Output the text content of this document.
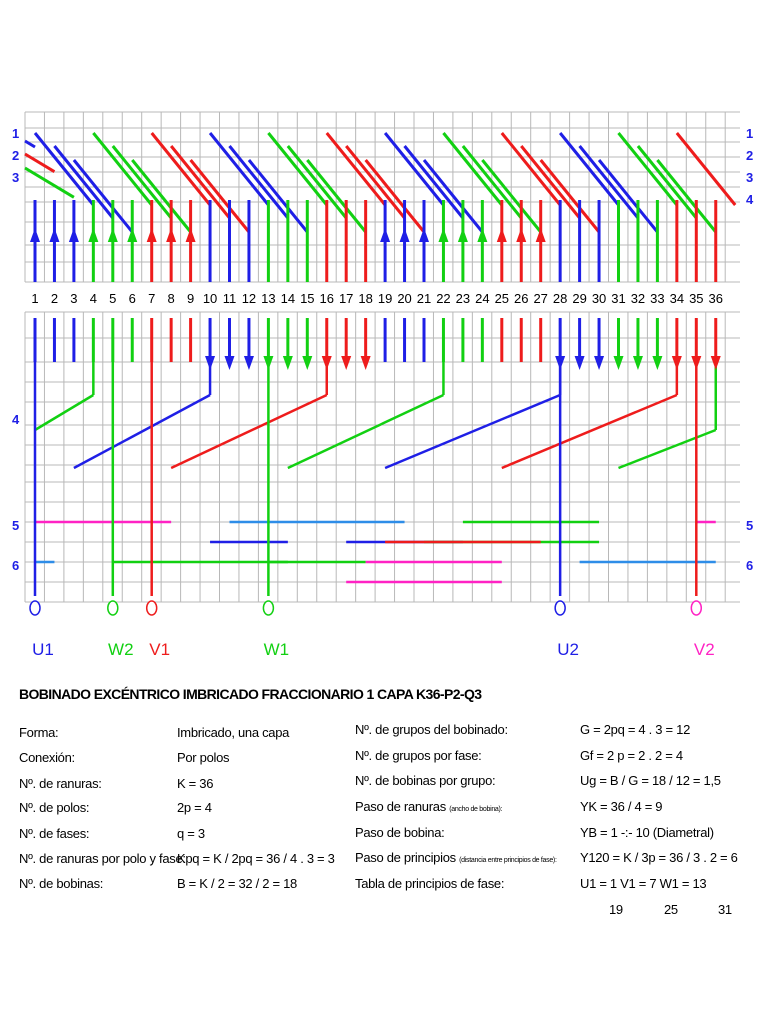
1 2 3 4 5 6 7 8 9 10 11 12 13 14 15 16 17 18 19 20 21 22 23 24 25 26 27 28 29 30 31 32 33 34 35 36
1
2
3
4
5
6
1
2
3
4
5
6
U1	W2 V1	W1	U2	V2
BOBINADO EXCÉNTRICO IMBRICADO FRACCIONARIO 1 CAPA K36-P2-Q3
Forma:	Imbricado, una capa
Conexión:	Por polos
Nº. de ranuras:	K = 36
Nº. de polos:	2p = 4
Nº. de fases:	q = 3
Nº. de ranuras por polo y fase:
Kpq = K / 2pq = 36 / 4 . 3 = 3
Nº. de bobinas:	B = K / 2 = 32 / 2 = 18
Nº. de grupos del bobinado:	G = 2pq = 4 . 3 = 12
Nº. de grupos por fase:	Gf = 2 p = 2 . 2 = 4
Nº. de bobinas por grupo:	Ug = B / G = 18 / 12 = 1,5
Paso de ranuras (ancho de bobina):	YK = 36 / 4 = 9
Paso de bobina:	YB = 1 -:- 10 (Diametral)
Paso de principios (distancia entre principios de fase): Y120 = K / 3p = 36 / 3 . 2 = 6
Tabla de principios de fase:	U1 = 1 V1 = 7 W1 = 13
19	25	31
